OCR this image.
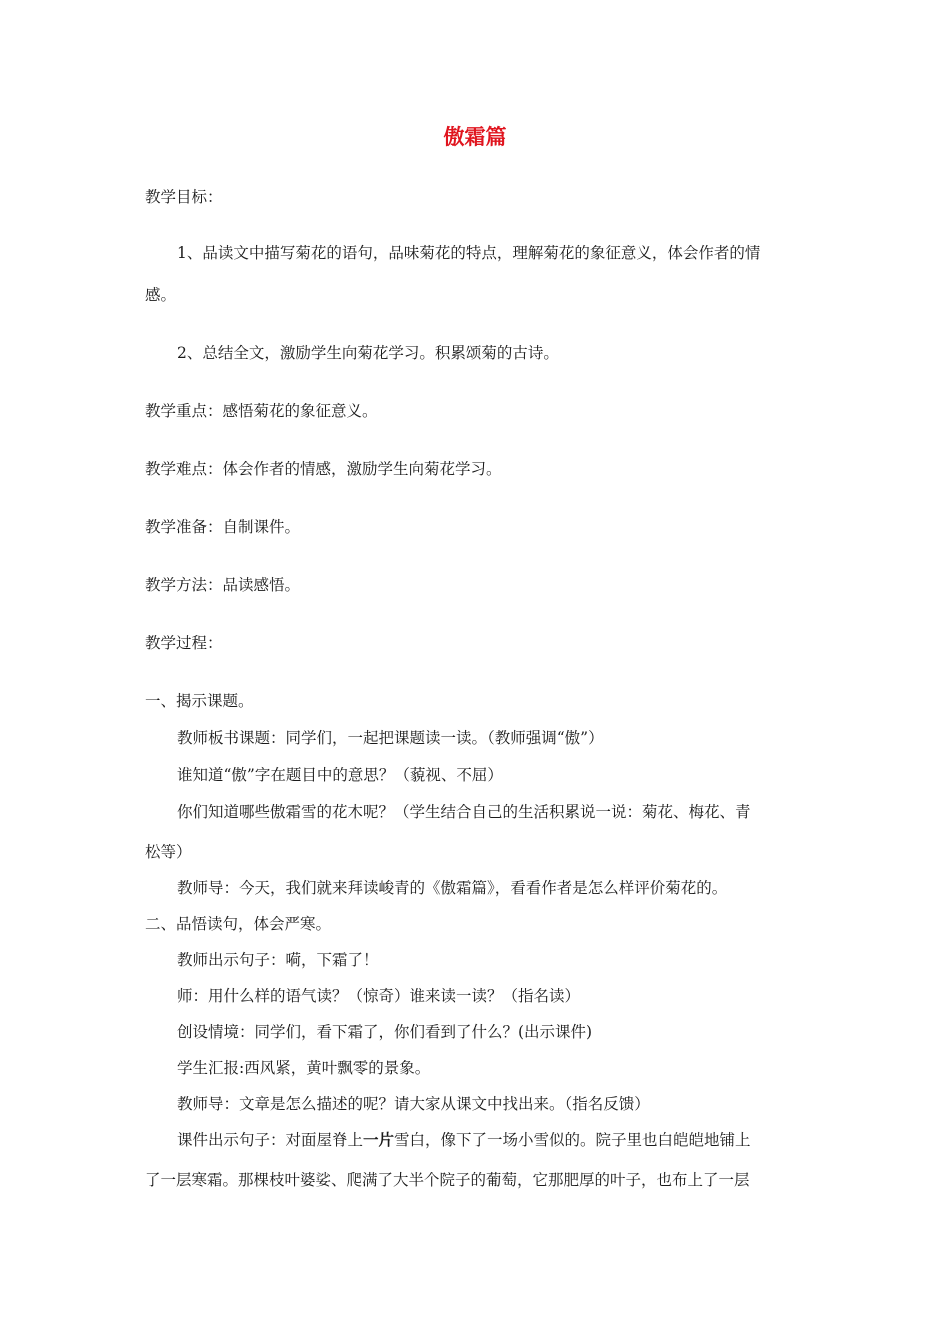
傲霜篇
教学目标：
1、品读文中描写菊花的语句，品味菊花的特点，理解菊花的象征意义，体会作者的情
感。
2、总结全文，激励学生向菊花学习。积累颂菊的古诗。
教学重点：感悟菊花的象征意义。
教学难点：体会作者的情感，激励学生向菊花学习。
教学准备：自制课件。
教学方法：品读感悟。
教学过程：
一、揭示课题。
教师板书课题：同学们，一起把课题读一读。（教师强调“傲”）
谁知道“傲”字在题目中的意思？（藐视、不屈）
你们知道哪些傲霜雪的花木呢？（学生结合自己的生活积累说一说：菊花、梅花、青
松等）
教师导：今天，我们就来拜读峻青的《傲霜篇》，看看作者是怎么样评价菊花的。
二、品悟读句，体会严寒。
教师出示句子：嗬，下霜了！
师：用什么样的语气读？（惊奇）谁来读一读？（指名读）
创设情境：同学们，看下霜了，你们看到了什么？(出示课件)
学生汇报:西风紧，黄叶飘零的景象。
教师导：文章是怎么描述的呢？请大家从课文中找出来。（指名反馈）
课件出示句子：对面屋脊上一片雪白，像下了一场小雪似的。院子里也白皑皑地铺上
了一层寒霜。那棵枝叶婆娑、爬满了大半个院子的葡萄，它那肥厚的叶子，也布上了一层
